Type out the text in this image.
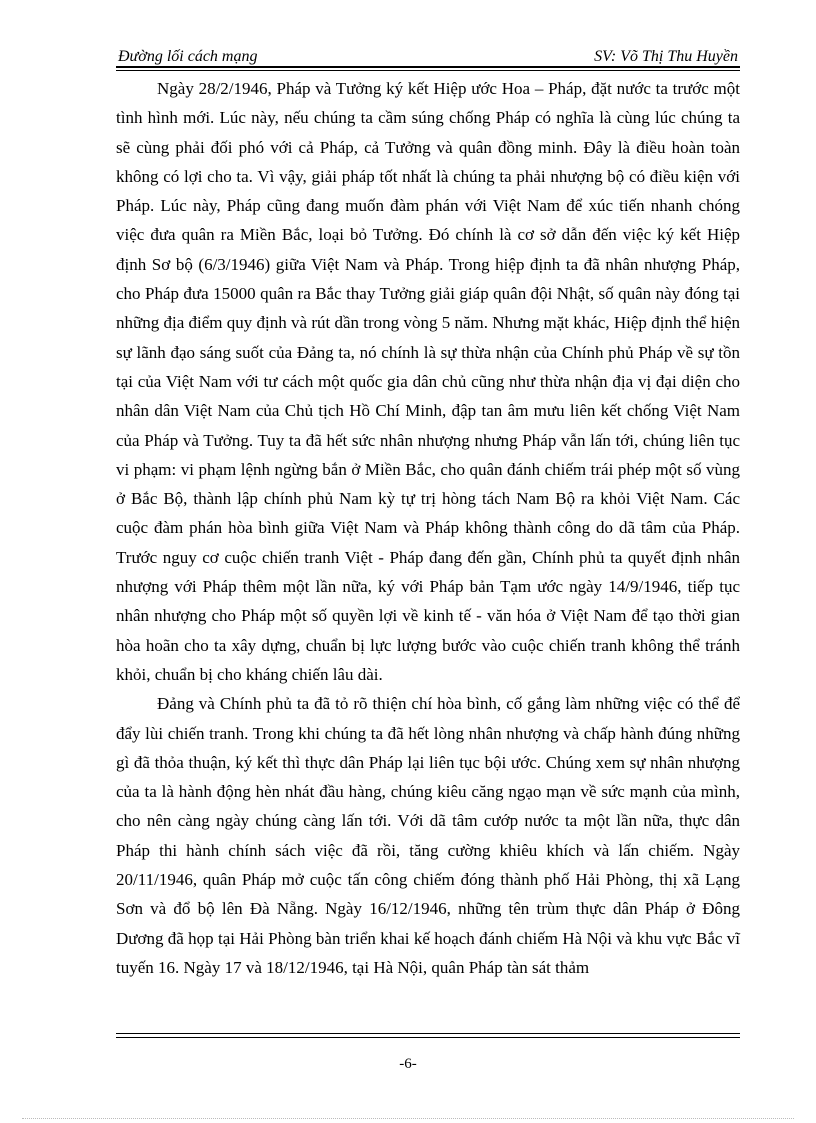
Đường lối cách mạng	SV: Võ Thị Thu Huyền

Ngày 28/2/1946, Pháp và Tưởng ký kết Hiệp ước Hoa – Pháp, đặt nước ta trước một tình hình mới. Lúc này, nếu chúng ta cầm súng chống Pháp có nghĩa là cùng lúc chúng ta sẽ cùng phải đối phó với cả Pháp, cả Tưởng và quân đồng minh. Đây là điều hoàn toàn không có lợi cho ta. Vì vậy, giải pháp tốt nhất là chúng ta phải nhượng bộ có điều kiện với Pháp. Lúc này, Pháp cũng đang muốn đàm phán với Việt Nam để xúc tiến nhanh chóng việc đưa quân ra Miền Bắc, loại bỏ Tưởng. Đó chính là cơ sở dẫn đến việc ký kết Hiệp định Sơ bộ (6/3/1946) giữa Việt Nam và Pháp. Trong hiệp định ta đã nhân nhượng Pháp, cho Pháp đưa 15000 quân ra Bắc thay Tưởng giải giáp quân đội Nhật, số quân này đóng tại những địa điểm quy định và rút dần trong vòng 5 năm. Nhưng mặt khác, Hiệp định thể hiện sự lãnh đạo sáng suốt của Đảng ta, nó chính là sự thừa nhận của Chính phủ Pháp về sự tồn tại của Việt Nam với tư cách một quốc gia dân chủ cũng như thừa nhận địa vị đại diện cho nhân dân Việt Nam của Chủ tịch Hồ Chí Minh, đập tan âm mưu liên kết chống Việt Nam của Pháp và Tưởng. Tuy ta đã hết sức nhân nhượng nhưng Pháp vẫn lấn tới, chúng liên tục vi phạm: vi phạm lệnh ngừng bắn ở Miền Bắc, cho quân đánh chiếm trái phép một số vùng ở Bắc Bộ, thành lập chính phủ Nam kỳ tự trị hòng tách Nam Bộ ra khỏi Việt Nam. Các cuộc đàm phán hòa bình giữa Việt Nam và Pháp không thành công do dã tâm của Pháp. Trước nguy cơ cuộc chiến tranh Việt - Pháp đang đến gần, Chính phủ ta quyết định nhân nhượng với Pháp thêm một lần nữa, ký với Pháp bản Tạm ước ngày 14/9/1946, tiếp tục nhân nhượng cho Pháp một số quyền lợi về kinh tế - văn hóa ở Việt Nam để tạo thời gian hòa hoãn cho ta xây dựng, chuẩn bị lực lượng bước vào cuộc chiến tranh không thể tránh khỏi, chuẩn bị cho kháng chiến lâu dài.

Đảng và Chính phủ ta đã tỏ rõ thiện chí hòa bình, cố gắng làm những việc có thể để đẩy lùi chiến tranh. Trong khi chúng ta đã hết lòng nhân nhượng và chấp hành đúng những gì đã thỏa thuận, ký kết thì thực dân Pháp lại liên tục bội ước. Chúng xem sự nhân nhượng của ta là hành động hèn nhát đầu hàng, chúng kiêu căng ngạo mạn về sức mạnh của mình, cho nên càng ngày chúng càng lấn tới. Với dã tâm cướp nước ta một lần nữa, thực dân Pháp thi hành chính sách việc đã rồi, tăng cường khiêu khích và lấn chiếm. Ngày 20/11/1946, quân Pháp mở cuộc tấn công chiếm đóng thành phố Hải Phòng, thị xã Lạng Sơn và đổ bộ lên Đà Nẵng. Ngày 16/12/1946, những tên trùm thực dân Pháp ở Đông Dương đã họp tại Hải Phòng bàn triển khai kế hoạch đánh chiếm Hà Nội và khu vực Bắc vĩ tuyến 16. Ngày 17 và 18/12/1946, tại Hà Nội, quân Pháp tàn sát thảm

-6-
